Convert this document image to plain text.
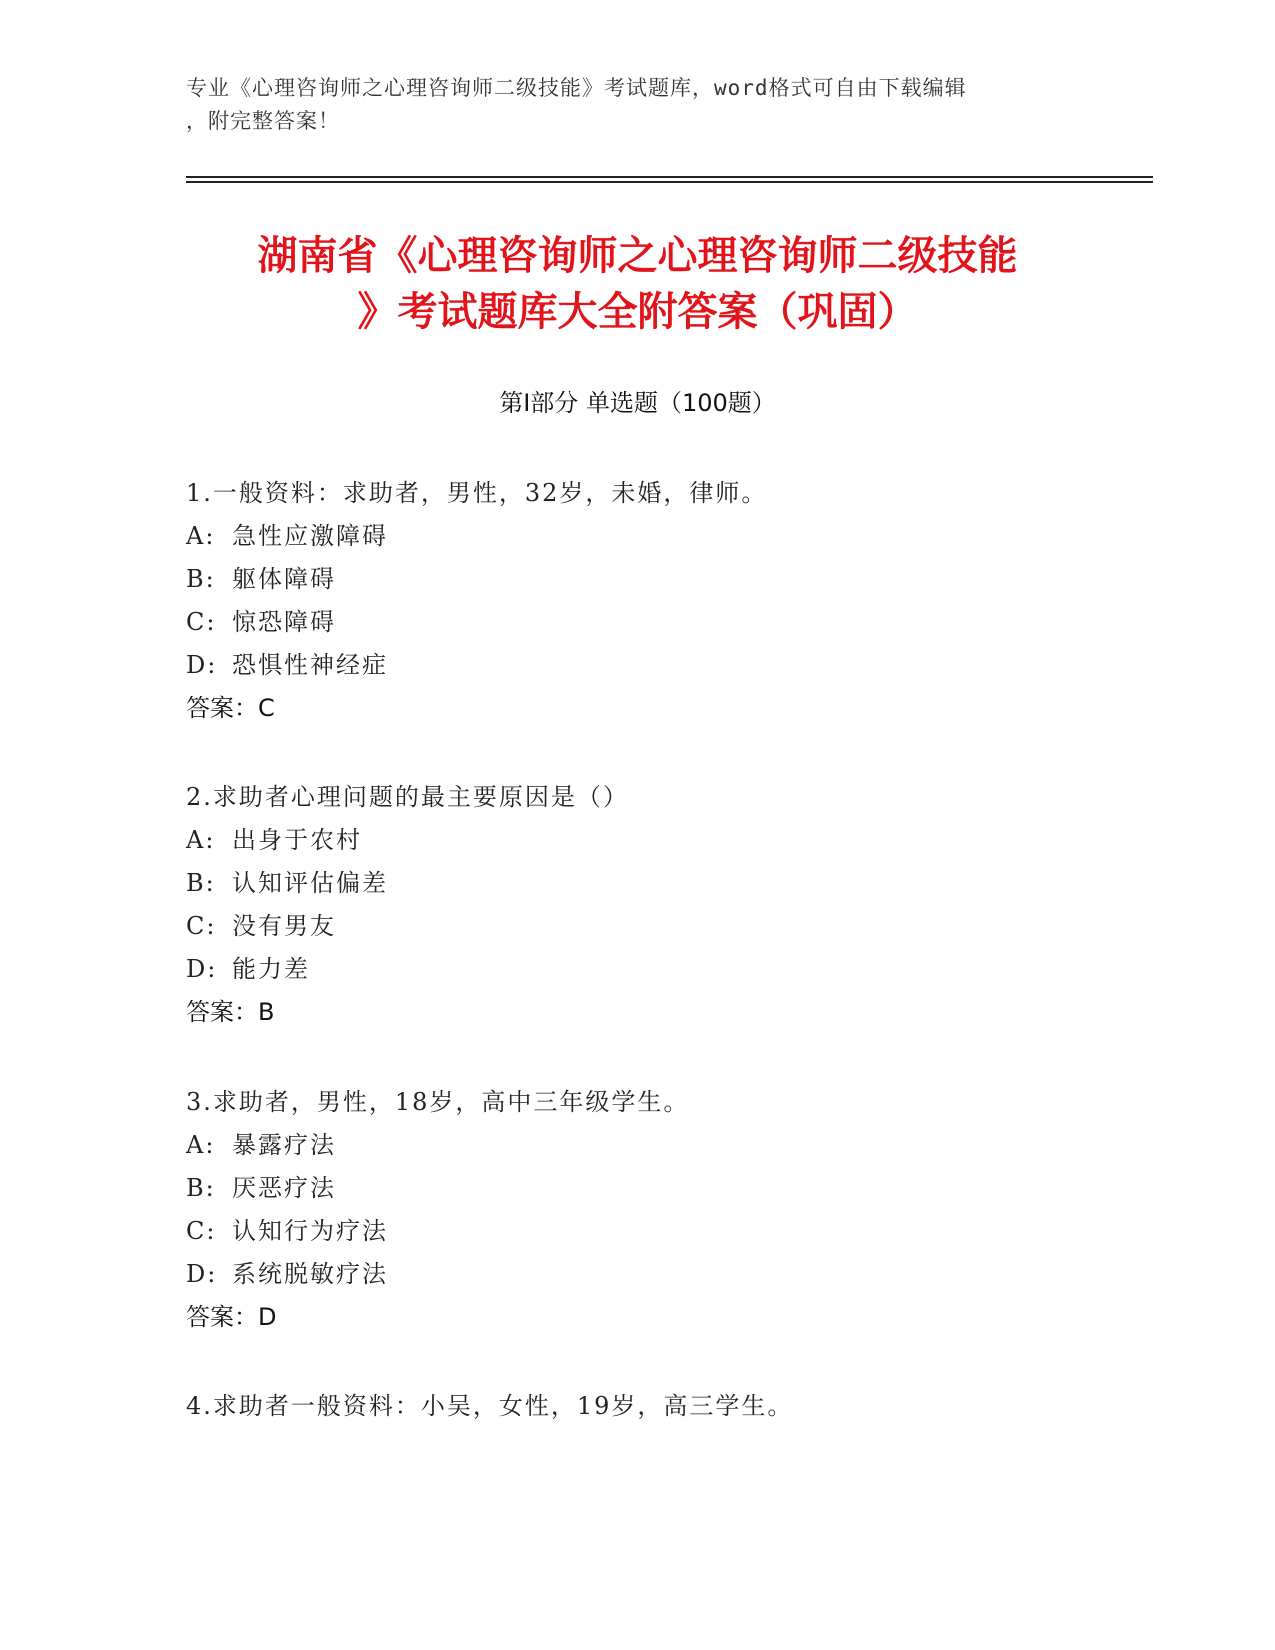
专业《心理咨询师之心理咨询师二级技能》考试题库，word格式可自由下载编辑
，附完整答案！
湖南省《心理咨询师之心理咨询师二级技能
》考试题库大全附答案（巩固）
第Ⅰ部分 单选题（100题）
1.一般资料：求助者，男性，32岁，未婚，律师。
A: 急性应激障碍
B: 躯体障碍
C: 惊恐障碍
D: 恐惧性神经症
答案：C
2.求助者心理问题的最主要原因是（）
A: 出身于农村
B: 认知评估偏差
C: 没有男友
D: 能力差
答案：B
3.求助者，男性，18岁，高中三年级学生。
A: 暴露疗法
B: 厌恶疗法
C: 认知行为疗法
D: 系统脱敏疗法
答案：D
4.求助者一般资料：小吴，女性，19岁，高三学生。
